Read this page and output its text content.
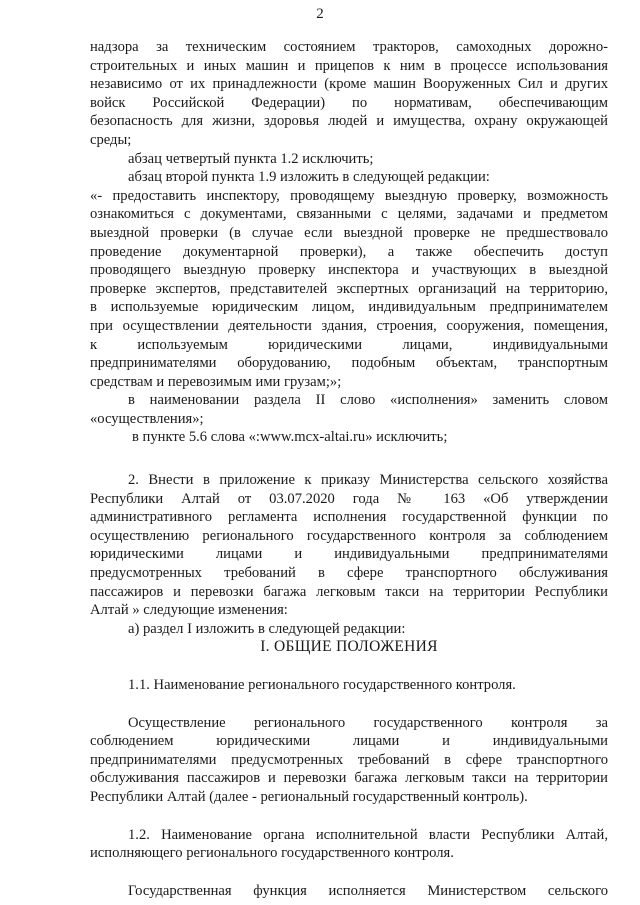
2
надзора за техническим состоянием тракторов, самоходных дорожно-
строительных и иных машин и прицепов к ним в процессе использования
независимо от их принадлежности (кроме машин Вооруженных Сил и других
войск Российской Федерации) по нормативам, обеспечивающим
безопасность для жизни, здоровья людей и имущества, охрану окружающей
среды;
абзац четвертый пункта 1.2 исключить;
абзац второй пункта 1.9 изложить в следующей редакции:
«- предоставить инспектору, проводящему выездную проверку, возможность
ознакомиться с документами, связанными с целями, задачами и предметом
выездной проверки (в случае если выездной проверке не предшествовало
проведение документарной проверки), а также обеспечить доступ
проводящего выездную проверку инспектора и участвующих в выездной
проверке экспертов, представителей экспертных организаций на территорию,
в используемые юридическим лицом, индивидуальным предпринимателем
при осуществлении деятельности здания, строения, сооружения, помещения,
к используемым юридическими лицами, индивидуальными
предпринимателями оборудованию, подобным объектам, транспортным
средствам и перевозимым ими грузам;»;
в наименовании раздела II слово «исполнения» заменить словом
«осуществления»;
в пункте 5.6 слова «:www.mcx-altai.ru» исключить;
2. Внести в приложение к приказу Министерства сельского хозяйства
Республики Алтай от 03.07.2020 года № 163 «Об утверждении
административного регламента исполнения государственной функции по
осуществлению регионального государственного контроля за соблюдением
юридическими лицами и индивидуальными предпринимателями
предусмотренных требований в сфере транспортного обслуживания
пассажиров и перевозки багажа легковым такси на территории Республики
Алтай » следующие изменения:
а) раздел I изложить в следующей редакции:
I. ОБЩИЕ ПОЛОЖЕНИЯ
1.1. Наименование регионального государственного контроля.
Осуществление регионального государственного контроля за
соблюдением юридическими лицами и индивидуальными
предпринимателями предусмотренных требований в сфере транспортного
обслуживания пассажиров и перевозки багажа легковым такси на территории
Республики Алтай (далее - региональный государственный контроль).
1.2. Наименование органа исполнительной власти Республики Алтай,
исполняющего регионального государственного контроля.
Государственная функция исполняется Министерством сельского
